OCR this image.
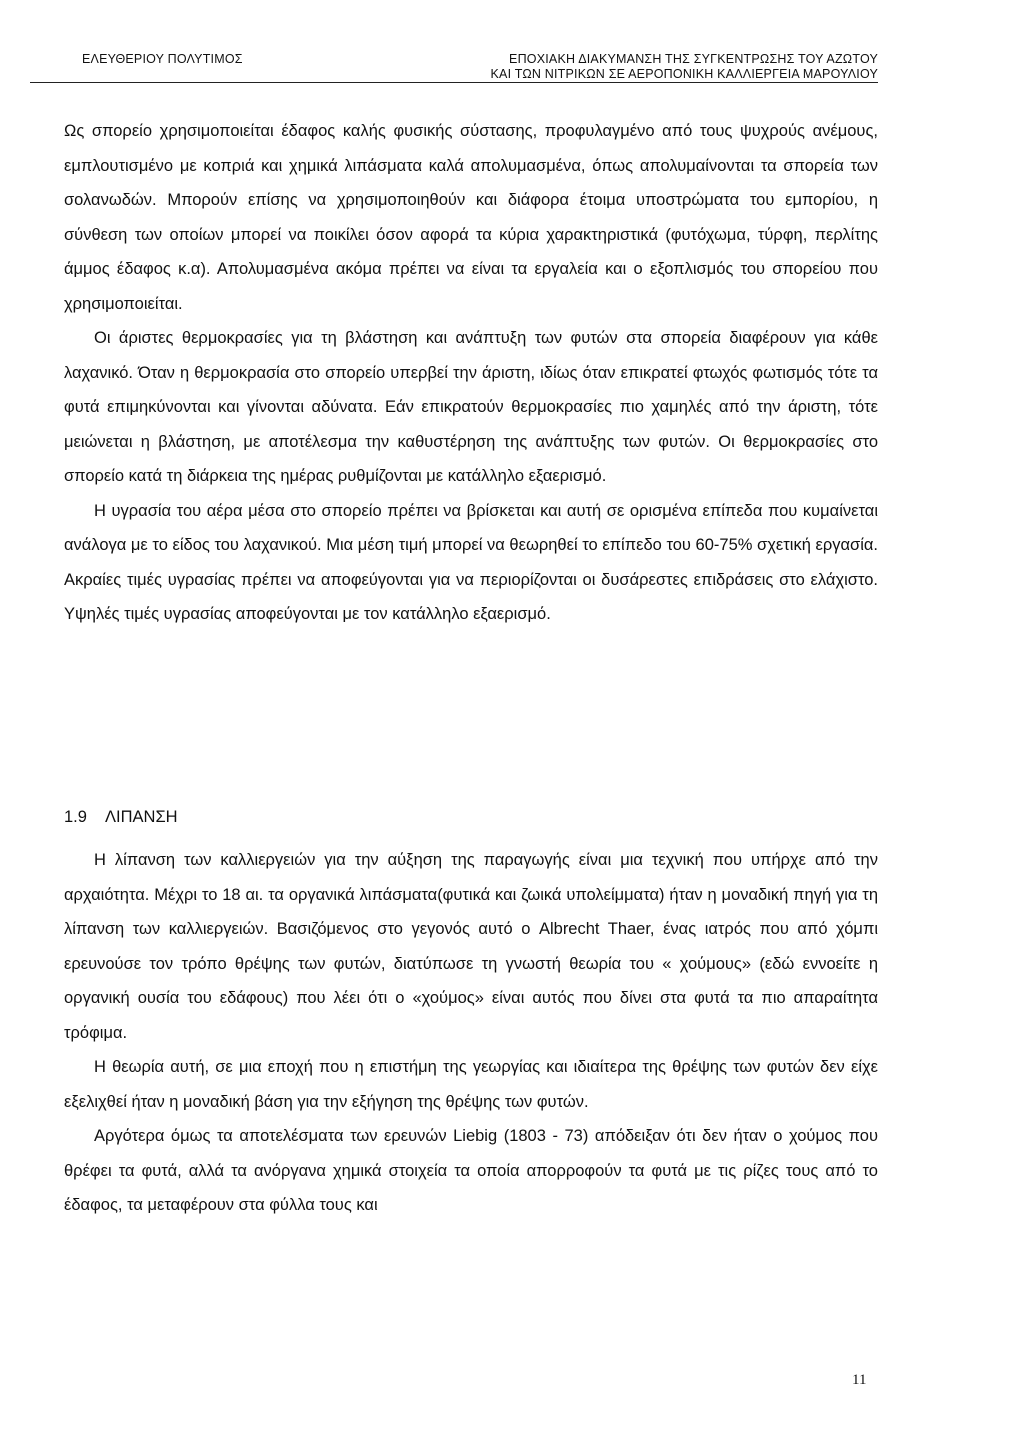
ΕΛΕΥΘΕΡΙΟΥ ΠΟΛΥΤΙΜΟΣ	ΕΠΟΧΙΑΚΗ ΔΙΑΚΥΜΑΝΣΗ ΤΗΣ ΣΥΓΚΕΝΤΡΩΣΗΣ ΤΟΥ ΑΖΩΤΟΥ
ΚΑΙ ΤΩΝ ΝΙΤΡΙΚΩΝ ΣΕ ΑΕΡΟΠΟΝΙΚΗ ΚΑΛΛΙΕΡΓΕΙΑ ΜΑΡΟΥΛΙΟΥ

Ως σπορείο χρησιμοποιείται έδαφος καλής φυσικής σύστασης, προφυλαγμένο από τους ψυχρούς ανέμους, εμπλουτισμένο με κοπριά και χημικά λιπάσματα καλά απολυμασμένα, όπως απολυμαίνονται τα σπορεία των σολανωδών. Μπορούν επίσης να χρησιμοποιηθούν και διάφορα έτοιμα υποστρώματα του εμπορίου, η σύνθεση των οποίων μπορεί να ποικίλει όσον αφορά τα κύρια χαρακτηριστικά (φυτόχωμα, τύρφη, περλίτης άμμος έδαφος κ.α). Απολυμασμένα ακόμα πρέπει να είναι τα εργαλεία και ο εξοπλισμός του σπορείου που χρησιμοποιείται.

Οι άριστες θερμοκρασίες για τη βλάστηση και ανάπτυξη των φυτών στα σπορεία διαφέρουν για κάθε λαχανικό. Όταν η θερμοκρασία στο σπορείο υπερβεί την άριστη, ιδίως όταν επικρατεί φτωχός φωτισμός τότε τα φυτά επιμηκύνονται και γίνονται αδύνατα. Εάν επικρατούν θερμοκρασίες πιο χαμηλές από την άριστη, τότε μειώνεται η βλάστηση, με αποτέλεσμα την καθυστέρηση της ανάπτυξης των φυτών. Οι θερμοκρασίες στο σπορείο κατά τη διάρκεια της ημέρας ρυθμίζονται με κατάλληλο εξαερισμό.

Η υγρασία του αέρα μέσα στο σπορείο πρέπει να βρίσκεται και αυτή σε ορισμένα επίπεδα που κυμαίνεται ανάλογα με το είδος του λαχανικού. Μια μέση τιμή μπορεί να θεωρηθεί το επίπεδο του 60-75% σχετική εργασία. Ακραίες τιμές υγρασίας πρέπει να αποφεύγονται για να περιορίζονται οι δυσάρεστες επιδράσεις στο ελάχιστο. Υψηλές τιμές υγρασίας αποφεύγονται με τον κατάλληλο εξαερισμό.

1.9 ΛΙΠΑΝΣΗ

Η λίπανση των καλλιεργειών για την αύξηση της παραγωγής είναι μια τεχνική που υπήρχε από την αρχαιότητα. Μέχρι το 18 αι. τα οργανικά λιπάσματα(φυτικά και ζωικά υπολείμματα) ήταν η μοναδική πηγή για τη λίπανση των καλλιεργειών. Βασιζόμενος στο γεγονός αυτό ο Albrecht Thaer, ένας ιατρός που από χόμπι ερευνούσε τον τρόπο θρέψης των φυτών, διατύπωσε τη γνωστή θεωρία του « χούμους» (εδώ εννοείτε η οργανική ουσία του εδάφους) που λέει ότι ο «χούμος» είναι αυτός που δίνει στα φυτά τα πιο απαραίτητα τρόφιμα.

Η θεωρία αυτή, σε μια εποχή που η επιστήμη της γεωργίας και ιδιαίτερα της θρέψης των φυτών δεν είχε εξελιχθεί ήταν η μοναδική βάση για την εξήγηση της θρέψης των φυτών.

Αργότερα όμως τα αποτελέσματα των ερευνών Liebig (1803 - 73) απόδειξαν ότι δεν ήταν ο χούμος που θρέφει τα φυτά, αλλά τα ανόργανα χημικά στοιχεία τα οποία απορροφούν τα φυτά με τις ρίζες τους από το έδαφος, τα μεταφέρουν στα φύλλα τους και

11
